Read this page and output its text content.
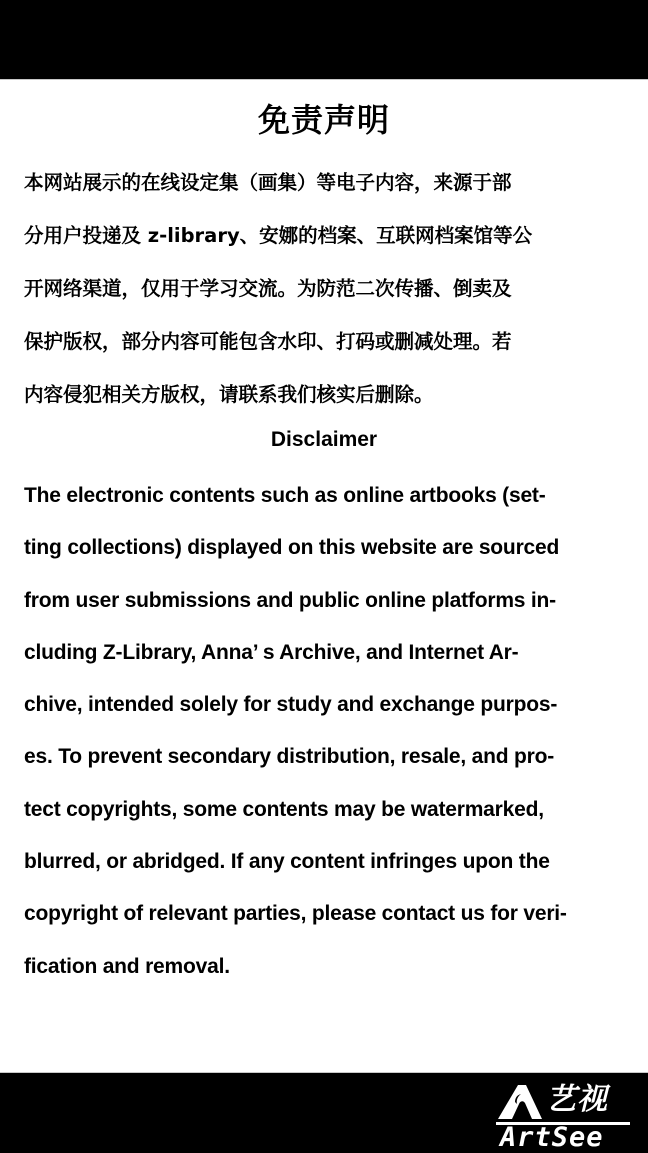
免责声明

本网站展示的在线设定集（画集）等电子内容，来源于部
分用户投递及 z-library、安娜的档案、互联网档案馆等公
开网络渠道，仅用于学习交流。为防范二次传播、倒卖及
保护版权，部分内容可能包含水印、打码或删减处理。若
内容侵犯相关方版权，请联系我们核实后删除。

Disclaimer

The electronic contents such as online artbooks (set-
ting collections) displayed on this website are sourced
from user submissions and public online platforms in-
cluding Z-Library, Anna’ s Archive, and Internet Ar-
chive, intended solely for study and exchange purpos-
es. To prevent secondary distribution, resale, and pro-
tect copyrights, some contents may be watermarked,
blurred, or abridged. If any content infringes upon the
copyright of relevant parties, please contact us for veri-
fication and removal.

艺视
ArtSee
